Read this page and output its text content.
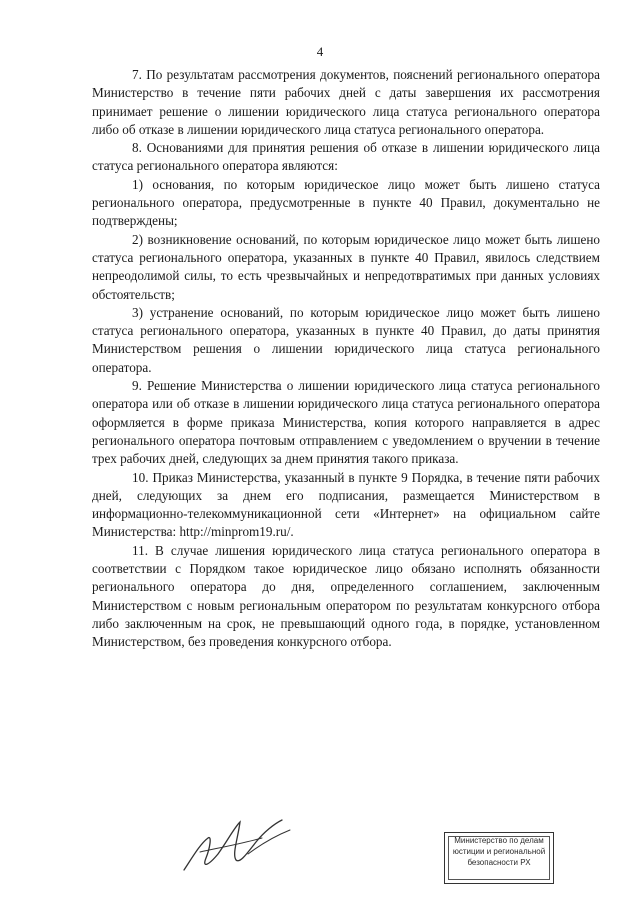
4

7. По результатам рассмотрения документов, пояснений регионального оператора Министерство в течение пяти рабочих дней с даты завершения их рассмотрения принимает решение о лишении юридического лица статуса регионального оператора либо об отказе в лишении юридического лица статуса регионального оператора.

8. Основаниями для принятия решения об отказе в лишении юридического лица статуса регионального оператора являются:

1) основания, по которым юридическое лицо может быть лишено статуса регионального оператора, предусмотренные в пункте 40 Правил, документально не подтверждены;

2) возникновение оснований, по которым юридическое лицо может быть лишено статуса регионального оператора, указанных в пункте 40 Правил, явилось следствием непреодолимой силы, то есть чрезвычайных и непредотвратимых при данных условиях обстоятельств;

3) устранение оснований, по которым юридическое лицо может быть лишено статуса регионального оператора, указанных в пункте 40 Правил, до даты принятия Министерством решения о лишении юридического лица статуса регионального оператора.

9. Решение Министерства о лишении юридического лица статуса регионального оператора или об отказе в лишении юридического лица статуса регионального оператора оформляется в форме приказа Министерства, копия которого направляется в адрес регионального оператора почтовым отправлением с уведомлением о вручении в течение трех рабочих дней, следующих за днем принятия такого приказа.

10. Приказ Министерства, указанный в пункте 9 Порядка, в течение пяти рабочих дней, следующих за днем его подписания, размещается Министерством в информационно-телекоммуникационной сети «Интернет» на официальном сайте Министерства: http://minprom19.ru/.

11. В случае лишения юридического лица статуса регионального оператора в соответствии с Порядком такое юридическое лицо обязано исполнять обязанности регионального оператора до дня, определенного соглашением, заключенным Министерством с новым региональным оператором по результатам конкурсного отбора либо заключенным на срок, не превышающий одного года, в порядке, установленном Министерством, без проведения конкурсного отбора.

Министерство по делам
юстиции и региональной
безопасности РХ
